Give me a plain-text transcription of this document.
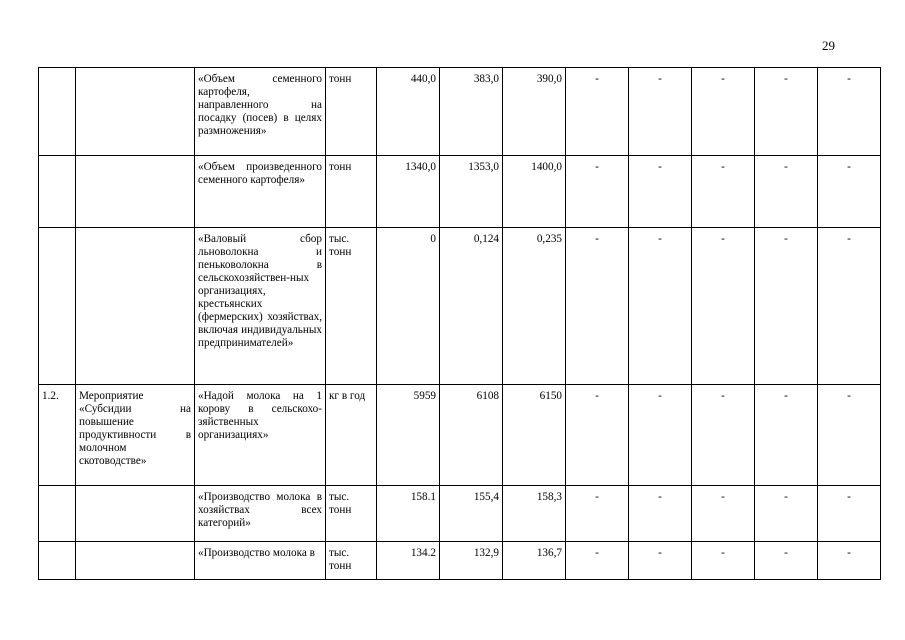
29
		«Объем семенного картофеля, направленного на посадку (посев) в целях размножения»	тонн	440,0	383,0	390,0	-	-	-	-	-
		«Объем произведенного семенного картофеля»	тонн	1340,0	1353,0	1400,0	-	-	-	-	-
		«Валовый сбор льноволокна и пеньковолокна в сельскохозяйствен-ных организациях, крестьянских (фермерских) хозяйствах, включая индивидуальных предпринимателей»	тыс. тонн	0	0,124	0,235	-	-	-	-	-
1.2.	Мероприятие «Субсидии на повышение продуктивности в молочном скотоводстве»	«Надой молока на 1 корову в сельскохо-зяйственных организациях»	кг в год	5959	6108	6150	-	-	-	-	-
		«Производство молока в хозяйствах всех категорий»	тыс. тонн	158.1	155,4	158,3	-	-	-	-	-
		«Производство молока в	тыс. тонн	134.2	132,9	136,7	-	-	-	-	-
